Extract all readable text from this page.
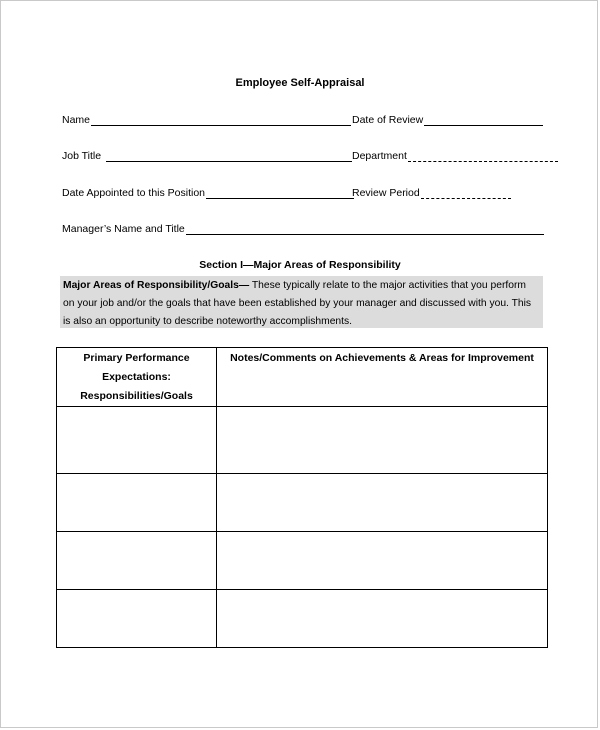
Employee Self-Appraisal
Name	Date of Review
Job Title	Department
Date Appointed to this Position	Review Period
Manager’s Name and Title
Section I—Major Areas of Responsibility
Major Areas of Responsibility/Goals— These typically relate to the major activities that you perform on your job and/or the goals that have been established by your manager and discussed with you. This is also an opportunity to describe noteworthy accomplishments.
Primary Performance
Expectations:
Responsibilities/Goals	Notes/Comments on Achievements & Areas for Improvement
